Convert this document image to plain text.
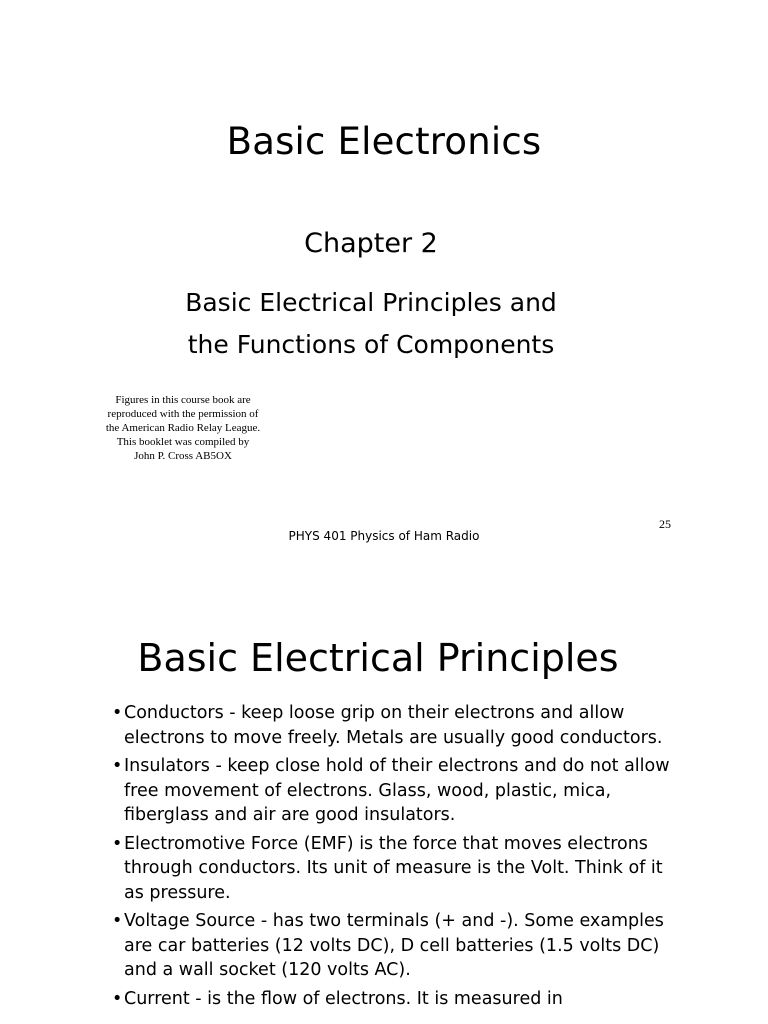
Basic Electronics
Chapter 2
Basic Electrical Principles and
the Functions of Components
Figures in this course book are
reproduced with the permission of
the American Radio Relay League.
This booklet was compiled by
John P. Cross AB5OX
25
PHYS 401 Physics of Ham Radio
Basic Electrical Principles
• Conductors - keep loose grip on their electrons and allow electrons to move freely. Metals are usually good conductors.
• Insulators - keep close hold of their electrons and do not allow free movement of electrons. Glass, wood, plastic, mica, fiberglass and air are good insulators.
• Electromotive Force (EMF) is the force that moves electrons through conductors. Its unit of measure is the Volt. Think of it as pressure.
• Voltage Source - has two terminals (+ and -). Some examples are car batteries (12 volts DC), D cell batteries (1.5 volts DC) and a wall socket (120 volts AC).
• Current - is the flow of electrons. It is measured in
